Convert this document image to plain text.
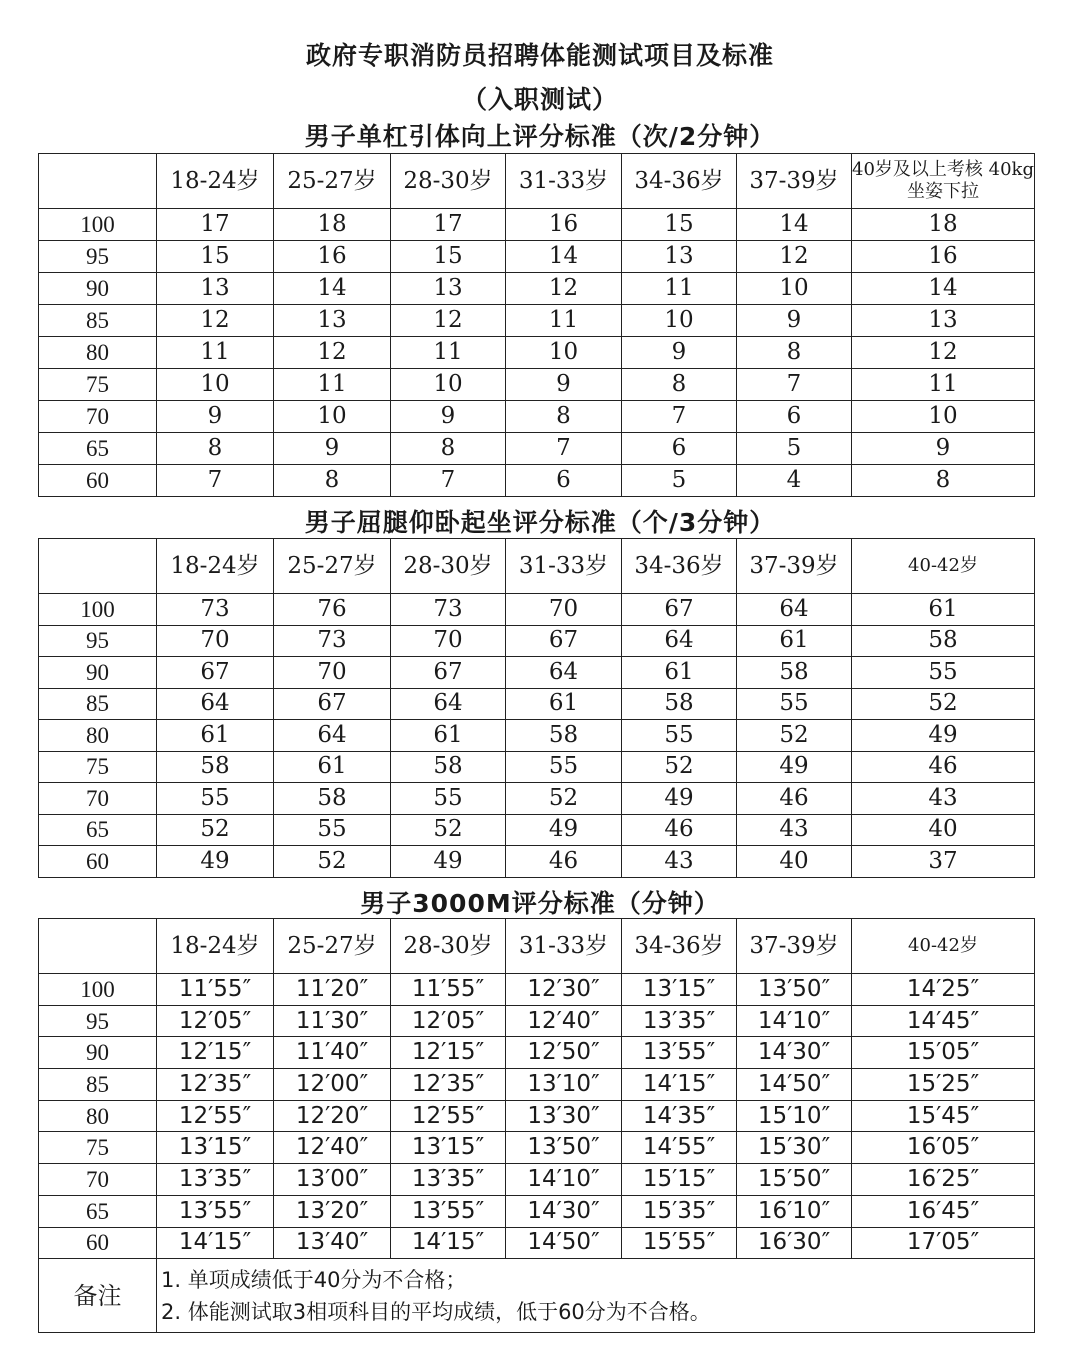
政府专职消防员招聘体能测试项目及标准
（入职测试）
男子单杠引体向上评分标准（次/2分钟）
	18-24岁	25-27岁	28-30岁	31-33岁	34-36岁	37-39岁	40岁及以上考核 40kg坐姿下拉
100	17	18	17	16	15	14	18
95	15	16	15	14	13	12	16
90	13	14	13	12	11	10	14
85	12	13	12	11	10	9	13
80	11	12	11	10	9	8	12
75	10	11	10	9	8	7	11
70	9	10	9	8	7	6	10
65	8	9	8	7	6	5	9
60	7	8	7	6	5	4	8
男子屈腿仰卧起坐评分标准（个/3分钟）
	18-24岁	25-27岁	28-30岁	31-33岁	34-36岁	37-39岁	40-42岁
100	73	76	73	70	67	64	61
95	70	73	70	67	64	61	58
90	67	70	67	64	61	58	55
85	64	67	64	61	58	55	52
80	61	64	61	58	55	52	49
75	58	61	58	55	52	49	46
70	55	58	55	52	49	46	43
65	52	55	52	49	46	43	40
60	49	52	49	46	43	40	37
男子3000M评分标准（分钟）
	18-24岁	25-27岁	28-30岁	31-33岁	34-36岁	37-39岁	40-42岁
100	11′55″	11′20″	11′55″	12′30″	13′15″	13′50″	14′25″
95	12′05″	11′30″	12′05″	12′40″	13′35″	14′10″	14′45″
90	12′15″	11′40″	12′15″	12′50″	13′55″	14′30″	15′05″
85	12′35″	12′00″	12′35″	13′10″	14′15″	14′50″	15′25″
80	12′55″	12′20″	12′55″	13′30″	14′35″	15′10″	15′45″
75	13′15″	12′40″	13′15″	13′50″	14′55″	15′30″	16′05″
70	13′35″	13′00″	13′35″	14′10″	15′15″	15′50″	16′25″
65	13′55″	13′20″	13′55″	14′30″	15′35″	16′10″	16′45″
60	14′15″	13′40″	14′15″	14′50″	15′55″	16′30″	17′05″
备注	1. 单项成绩低于40分为不合格；
2. 体能测试取3相项科目的平均成绩，低于60分为不合格。						
